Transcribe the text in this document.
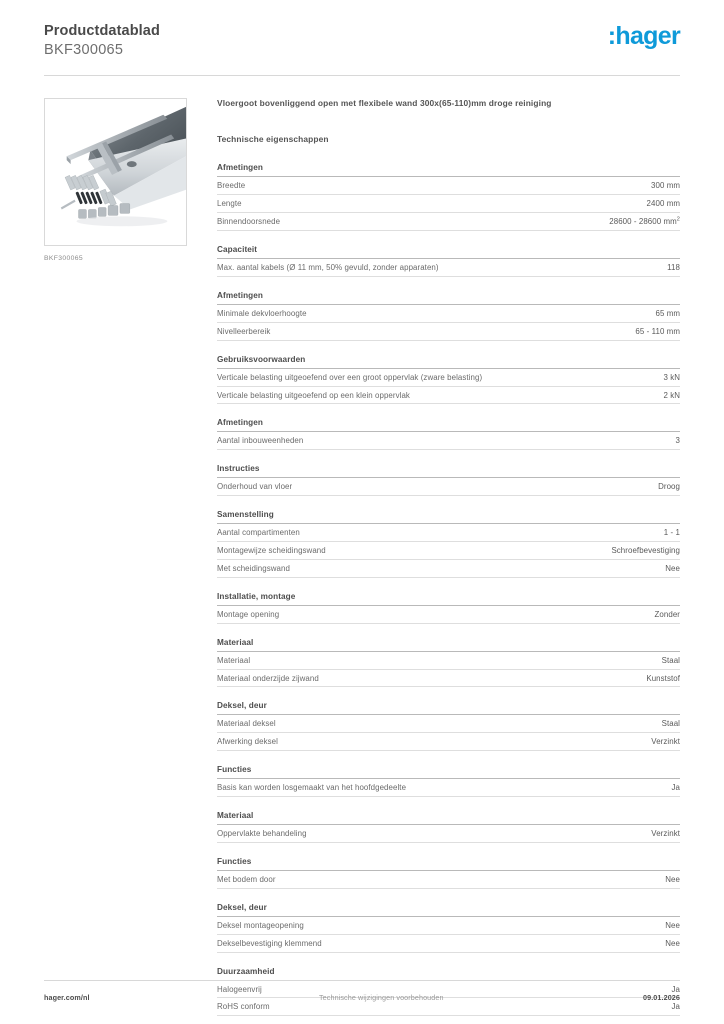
Productdatablad
BKF300065	:hager
BKF300065
Vloergoot bovenliggend open met flexibele wand 300x(65-110)mm droge reiniging
Technische eigenschappen
Afmetingen
Breedte	300 mm
Lengte	2400 mm
Binnendoorsnede	28600 - 28600 $mm^2$
Capaciteit
Max. aantal kabels (Ø 11 mm, 50% gevuld, zonder apparaten)	118
Afmetingen
Minimale dekvloerhoogte	65 mm
Nivelleerbereik	65 - 110 mm
Gebruiksvoorwaarden
Verticale belasting uitgeoefend over een groot oppervlak (zware belasting)	3 kN
Verticale belasting uitgeoefend op een klein oppervlak	2 kN
Afmetingen
Aantal inbouweenheden	3
Instructies
Onderhoud van vloer	Droog
Samenstelling
Aantal compartimenten	1 - 1
Montagewijze scheidingswand	Schroefbevestiging
Met scheidingswand	Nee
Installatie, montage
Montage opening	Zonder
Materiaal
Materiaal	Staal
Materiaal onderzijde zijwand	Kunststof
Deksel, deur
Materiaal deksel	Staal
Afwerking deksel	Verzinkt
Functies
Basis kan worden losgemaakt van het hoofdgedeelte	Ja
Materiaal
Oppervlakte behandeling	Verzinkt
Functies
Met bodem door	Nee
Deksel, deur
Deksel montageopening	Nee
Dekselbevestiging klemmend	Nee
Duurzaamheid
Halogeenvrij	Ja
RoHS conform	Ja
hager.com/nl	Technische wijzigingen voorbehouden	09.01.2026
